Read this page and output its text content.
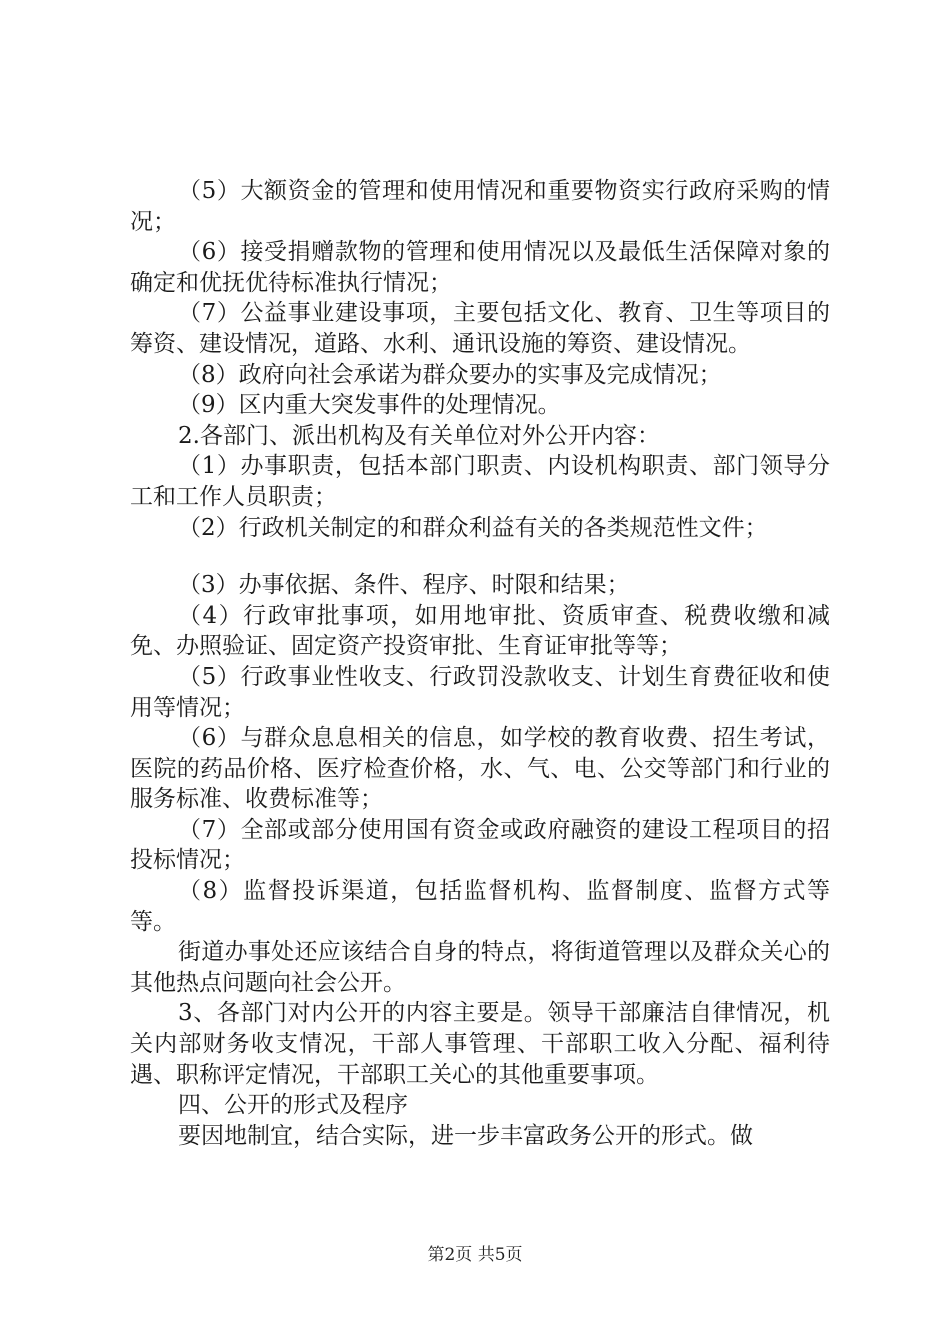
（5）大额资金的管理和使用情况和重要物资实行政府采购的情况；

（6）接受捐赠款物的管理和使用情况以及最低生活保障对象的确定和优抚优待标准执行情况；

（7）公益事业建设事项，主要包括文化、教育、卫生等项目的筹资、建设情况，道路、水利、通讯设施的筹资、建设情况。

（8）政府向社会承诺为群众要办的实事及完成情况；

（9）区内重大突发事件的处理情况。

2.各部门、派出机构及有关单位对外公开内容：

（1）办事职责，包括本部门职责、内设机构职责、部门领导分工和工作人员职责；

（2）行政机关制定的和群众利益有关的各类规范性文件；

（3）办事依据、条件、程序、时限和结果；

（4）行政审批事项，如用地审批、资质审查、税费收缴和减免、办照验证、固定资产投资审批、生育证审批等等；

（5）行政事业性收支、行政罚没款收支、计划生育费征收和使用等情况；

（6）与群众息息相关的信息，如学校的教育收费、招生考试，医院的药品价格、医疗检查价格，水、气、电、公交等部门和行业的服务标准、收费标准等；

（7）全部或部分使用国有资金或政府融资的建设工程项目的招投标情况；

（8）监督投诉渠道，包括监督机构、监督制度、监督方式等等。

街道办事处还应该结合自身的特点，将街道管理以及群众关心的其他热点问题向社会公开。

3、各部门对内公开的内容主要是。领导干部廉洁自律情况，机关内部财务收支情况，干部人事管理、干部职工收入分配、福利待遇、职称评定情况，干部职工关心的其他重要事项。

四、公开的形式及程序

要因地制宜，结合实际，进一步丰富政务公开的形式。做

第2页 共5页
